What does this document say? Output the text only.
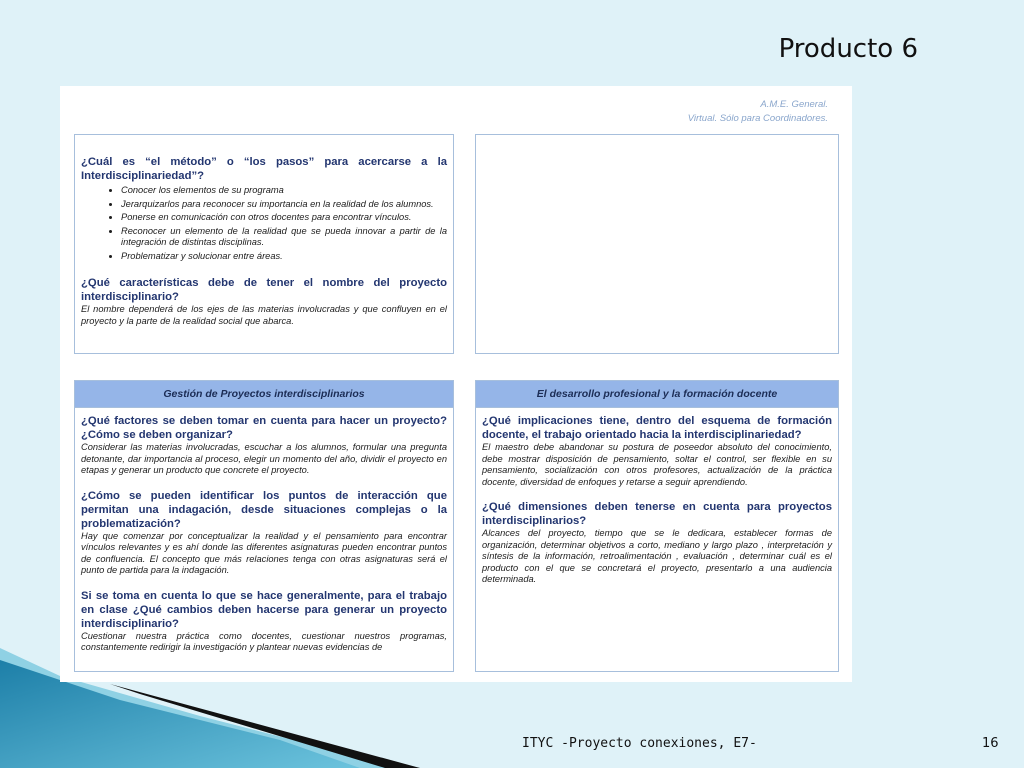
Producto 6
A.M.E. General.
Virtual. Sólo para Coordinadores.

¿Cuál es “el método” o “los pasos” para acercarse a la Interdisciplinariedad”?

• Conocer los elementos de su programa
• Jerarquizarlos para reconocer su importancia en la realidad de los alumnos.
• Ponerse en comunicación con otros docentes para encontrar vínculos.
• Reconocer un elemento de la realidad que se pueda innovar a partir de la integración de distintas disciplinas.
• Problematizar y solucionar entre áreas.

¿Qué características debe de tener el nombre del proyecto interdisciplinario?

El nombre dependerá de los ejes de las materias involucradas y que confluyen en el proyecto y la parte de la realidad social que abarca.

Gestión de Proyectos interdisciplinarios

¿Qué factores se deben tomar en cuenta para hacer un proyecto? ¿Cómo se deben organizar?

Considerar las materias involucradas, escuchar a los alumnos, formular una pregunta detonante, dar importancia al proceso, elegir un momento del año, dividir el proyecto en etapas y generar un producto que concrete el proyecto.

¿Cómo se pueden identificar los puntos de interacción que permitan una indagación, desde situaciones complejas o la problematización?

Hay que comenzar por conceptualizar la realidad y el pensamiento para encontrar vínculos relevantes y es ahí donde las diferentes asignaturas pueden encontrar puntos de confluencia. El concepto que más relaciones tenga con otras asignaturas será el punto de partida para la indagación.

Si se toma en cuenta lo que se hace generalmente, para el trabajo en clase ¿Qué cambios deben hacerse para generar un proyecto interdisciplinario?

Cuestionar nuestra práctica como docentes, cuestionar nuestros programas, constantemente redirigir la investigación y plantear nuevas evidencias de

El desarrollo profesional y la formación docente

¿Qué implicaciones tiene, dentro del esquema de formación docente, el trabajo orientado hacia la interdisciplinariedad?

El maestro debe abandonar su postura de poseedor absoluto del conocimiento, debe mostrar disposición de pensamiento, soltar el control, ser flexible en su pensamiento, socialización con otros profesores, actualización de la práctica docente, diversidad de enfoques y retarse a seguir aprendiendo.

¿Qué dimensiones deben tenerse en cuenta para proyectos interdisciplinarios?

Alcances del proyecto, tiempo que se le dedicara, establecer formas de organización, determinar objetivos a corto, mediano y largo plazo , interpretación y síntesis de la información, retroalimentación , evaluación , determinar cuál es el producto con el que se concretará el proyecto, presentarlo a una audiencia determinada.

ITYC -Proyecto conexiones, E7-	16
